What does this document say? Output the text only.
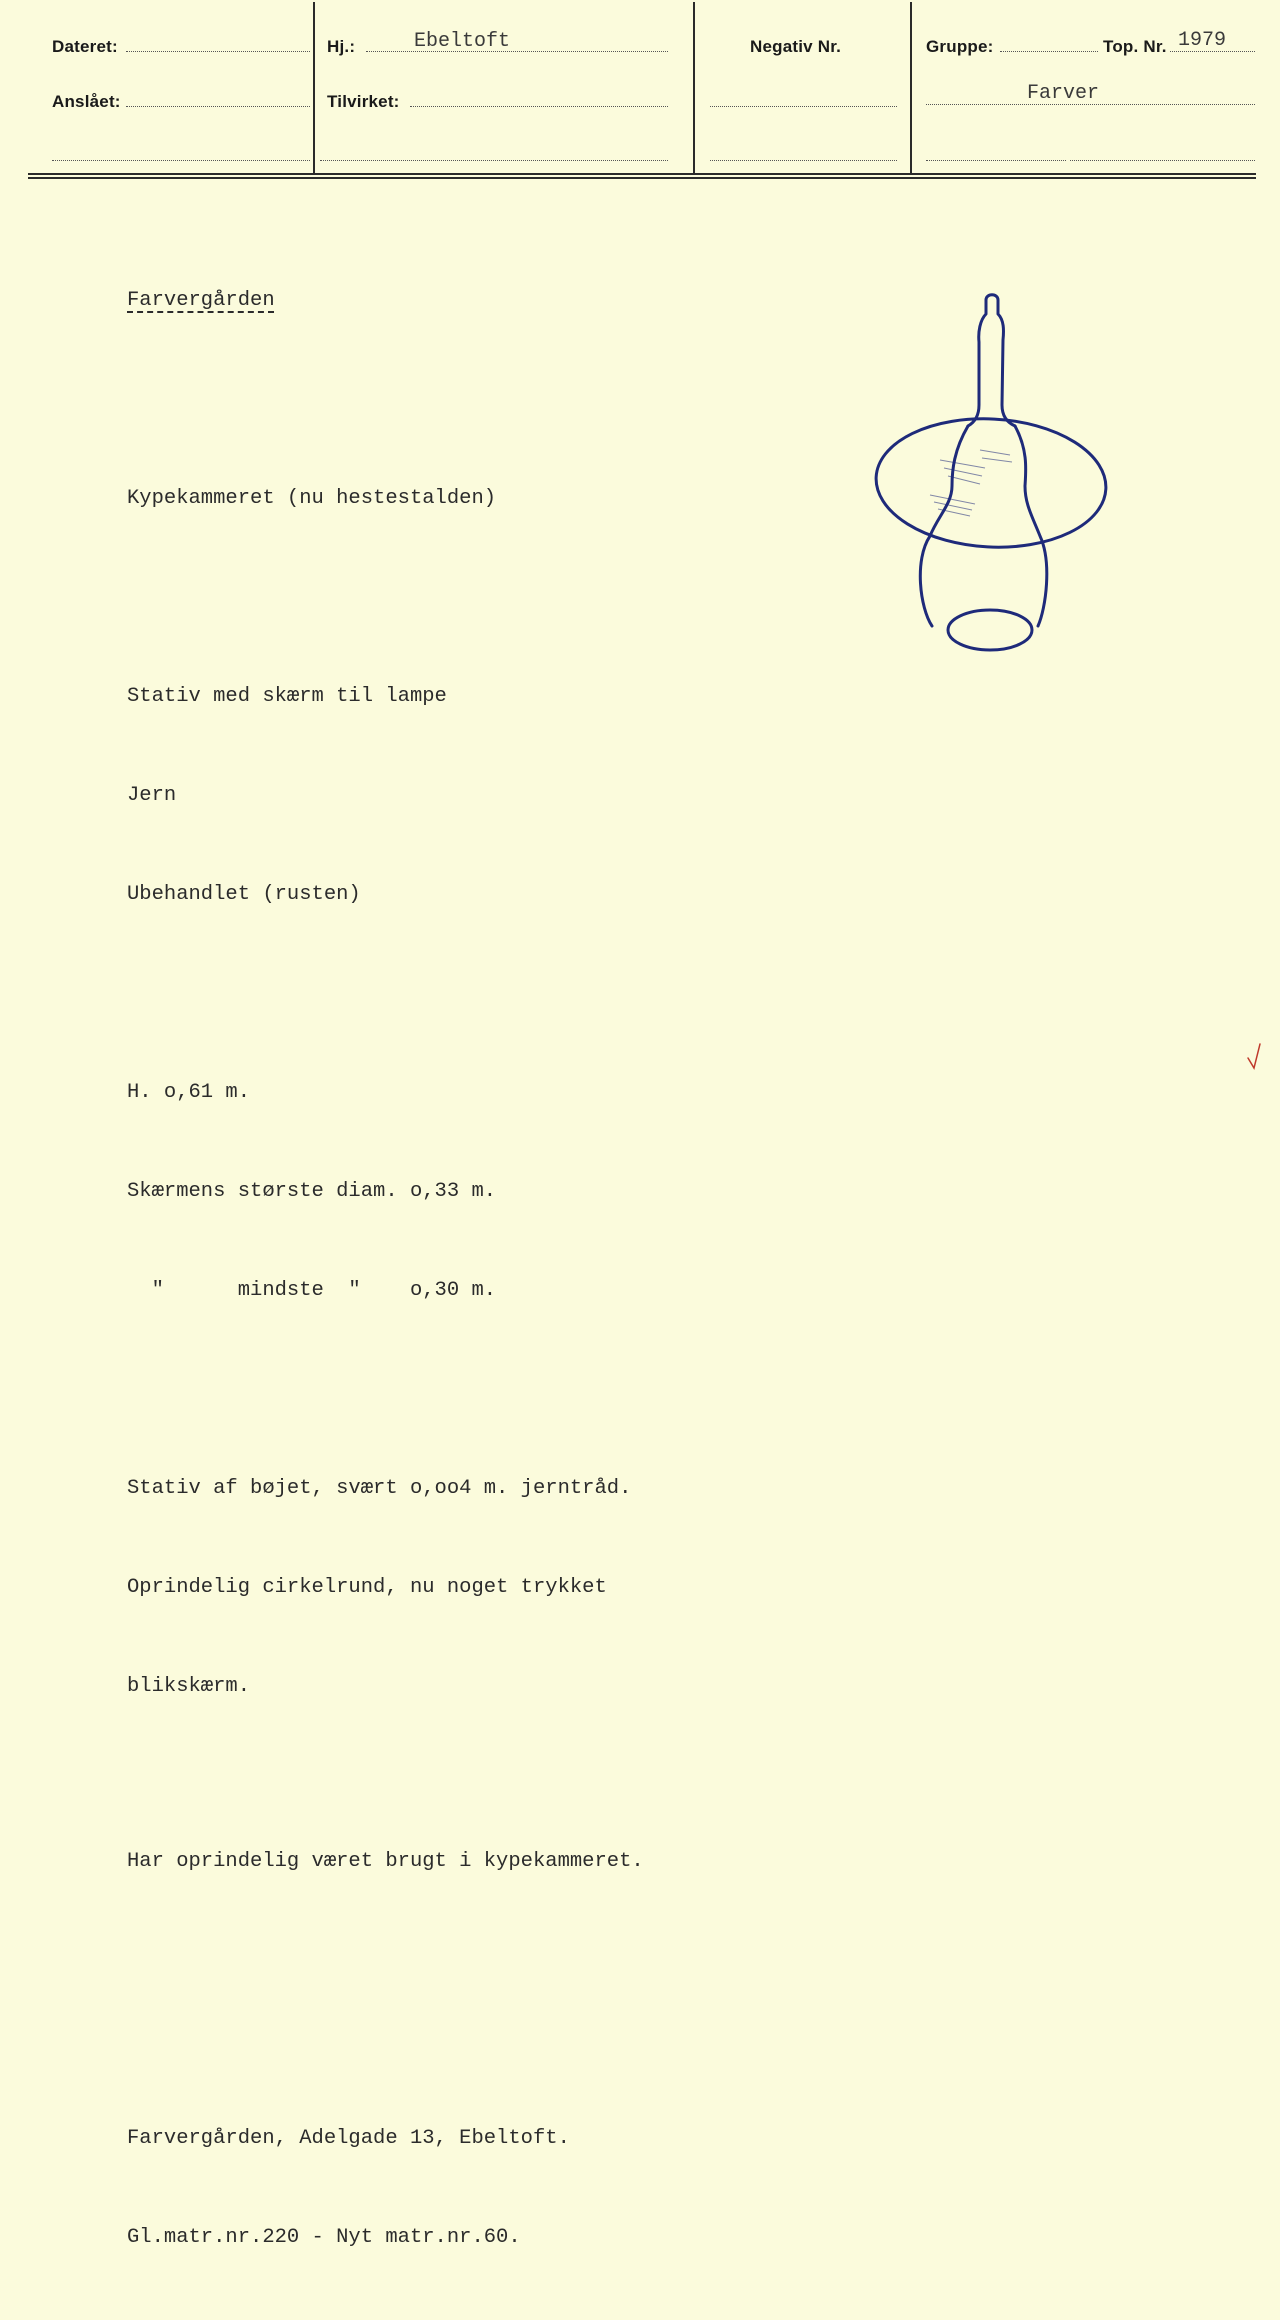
Dateret:
Anslået:
Hj.:	Ebeltoft
Tilvirket:
Negativ Nr.	Gruppe:	Top. Nr. 1979
Farver

Farvergården

Kypekammeret (nu hestestalden)

Stativ med skærm til lampe

Jern

Ubehandlet (rusten)

H. o,61 m.

Skærmens største diam. o,33 m.

"      mindste  "    o,30 m.

Stativ af bøjet, svært o,oo4 m. jerntråd.

Oprindelig cirkelrund, nu noget trykket

blikskærm.

Har oprindelig været brugt i kypekammeret.

Farvergården, Adelgade 13, Ebeltoft.

Gl.matr.nr.220 - Nyt matr.nr.60.
